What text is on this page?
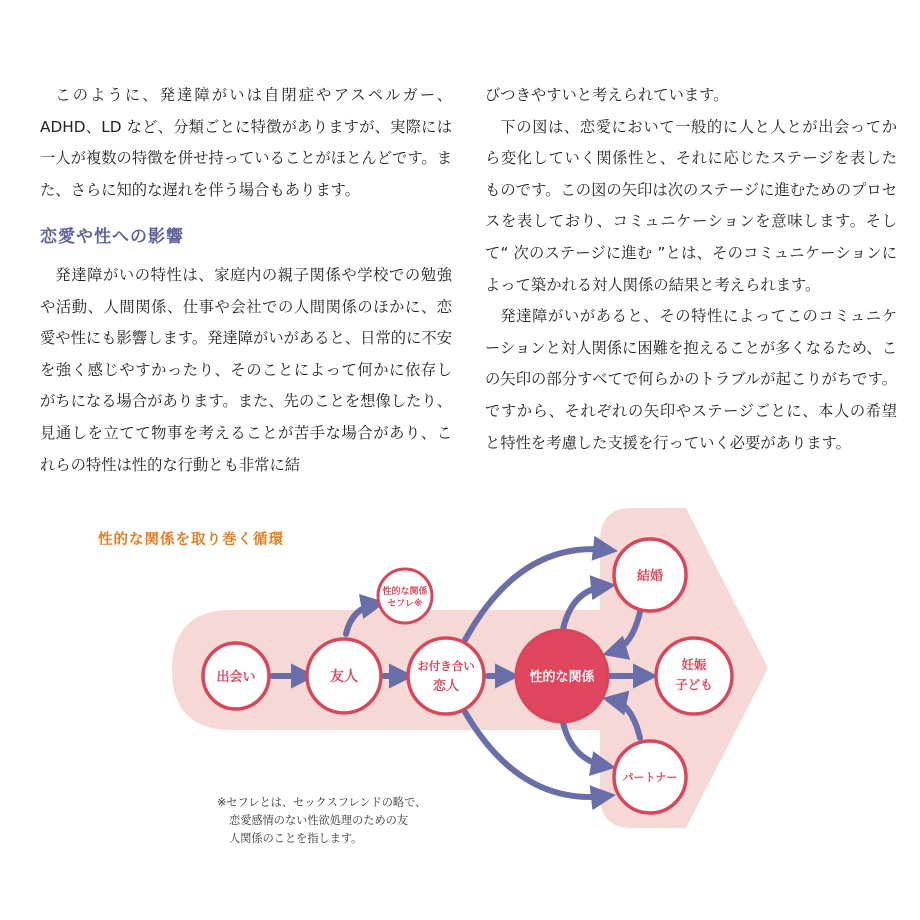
このように、発達障がいは自閉症やアスペルガー、ADHD、LD など、分類ごとに特徴がありますが、実際には一人が複数の特徴を併せ持っていることがほとんどです。また、さらに知的な遅れを伴う場合もあります。

恋愛や性への影響

発達障がいの特性は、家庭内の親子関係や学校での勉強や活動、人間関係、仕事や会社での人間関係のほかに、恋愛や性にも影響します。発達障がいがあると、日常的に不安を強く感じやすかったり、そのことによって何かに依存しがちになる場合があります。また、先のことを想像したり、見通しを立てて物事を考えることが苦手な場合があり、これらの特性は性的な行動とも非常に結

びつきやすいと考えられています。

下の図は、恋愛において一般的に人と人とが出会ってから変化していく関係性と、それに応じたステージを表したものです。この図の矢印は次のステージに進むためのプロセスを表しており、コミュニケーションを意味します。そして“ 次のステージに進む ”とは、そのコミュニケーションによって築かれる対人関係の結果と考えられます。

発達障がいがあると、その特性によってこのコミュニケーションと対人関係に困難を抱えることが多くなるため、この矢印の部分すべてで何らかのトラブルが起こりがちです。ですから、それぞれの矢印やステージごとに、本人の希望と特性を考慮した支援を行っていく必要があります。

出会い	友人
性的な関係
セフレ※
お付き合い
恋人
性的な関係
結婚
妊娠
子ども
パートナー
性的な関係を取り巻く循環
※セフレとは、セックスフレンドの略で、
恋愛感情のない性欲処理のための友
人関係のことを指します。
